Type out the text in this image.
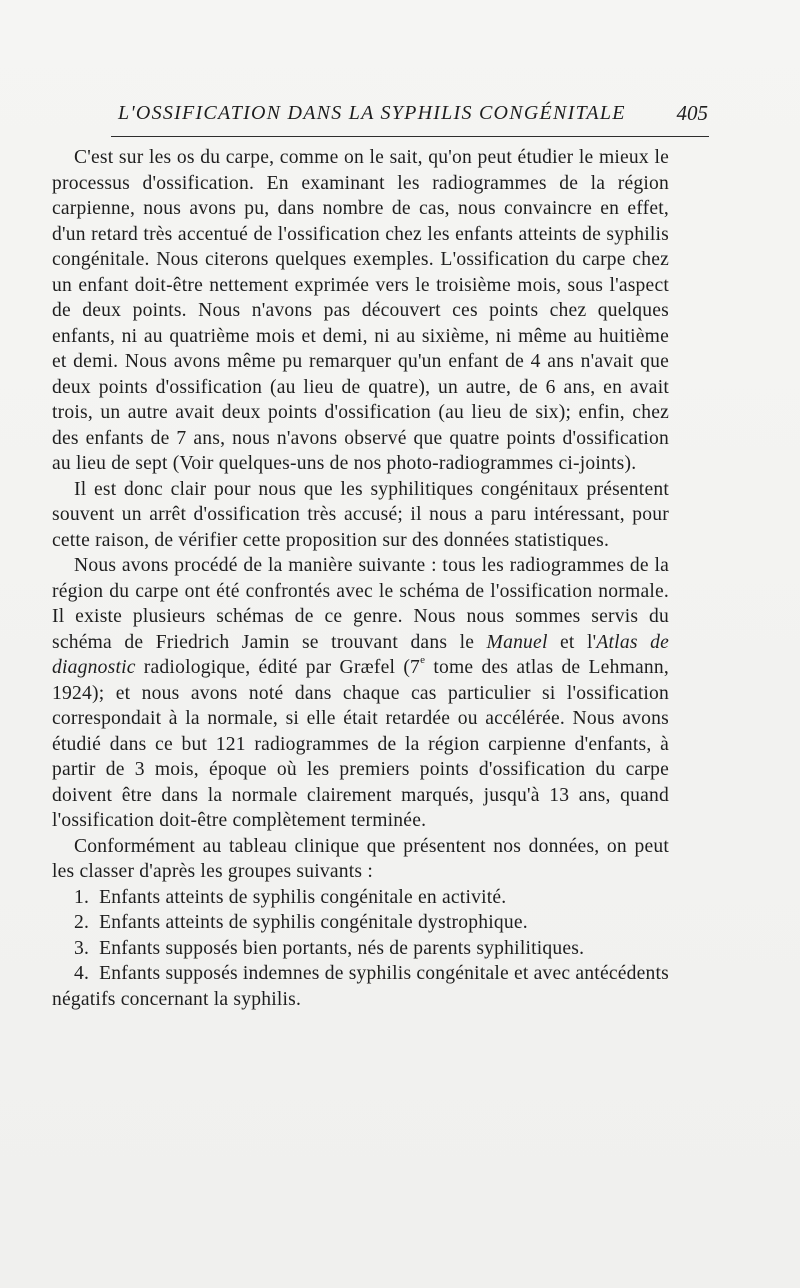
L'OSSIFICATION DANS LA SYPHILIS CONGÉNITALE 405

C'est sur les os du carpe, comme on le sait, qu'on peut étudier le mieux le processus d'ossification. En examinant les radiogrammes de la région carpienne, nous avons pu, dans nombre de cas, nous convaincre en effet, d'un retard très accentué de l'ossification chez les enfants atteints de syphilis congénitale. Nous citerons quelques exemples. L'ossification du carpe chez un enfant doit-être nettement exprimée vers le troisième mois, sous l'aspect de deux points. Nous n'avons pas découvert ces points chez quelques enfants, ni au quatrième mois et demi, ni au sixième, ni même au huitième et demi. Nous avons même pu remarquer qu'un enfant de 4 ans n'avait que deux points d'ossification (au lieu de quatre), un autre, de 6 ans, en avait trois, un autre avait deux points d'ossification (au lieu de six); enfin, chez des enfants de 7 ans, nous n'avons observé que quatre points d'ossification au lieu de sept (Voir quelques-uns de nos photo-radiogrammes ci-joints).

Il est donc clair pour nous que les syphilitiques congénitaux présentent souvent un arrêt d'ossification très accusé; il nous a paru intéressant, pour cette raison, de vérifier cette proposition sur des données statistiques.

Nous avons procédé de la manière suivante : tous les radiogrammes de la région du carpe ont été confrontés avec le schéma de l'ossification normale. Il existe plusieurs schémas de ce genre. Nous nous sommes servis du schéma de Friedrich Jamin se trouvant dans le Manuel et l'Atlas de diagnostic radiologique, édité par Græfel (7e tome des atlas de Lehmann, 1924); et nous avons noté dans chaque cas particulier si l'ossification correspondait à la normale, si elle était retardée ou accélérée. Nous avons étudié dans ce but 121 radiogrammes de la région carpienne d'enfants, à partir de 3 mois, époque où les premiers points d'ossification du carpe doivent être dans la normale clairement marqués, jusqu'à 13 ans, quand l'ossification doit-être complètement terminée.

Conformément au tableau clinique que présentent nos données, on peut les classer d'après les groupes suivants :

1. Enfants atteints de syphilis congénitale en activité.
2. Enfants atteints de syphilis congénitale dystrophique.
3. Enfants supposés bien portants, nés de parents syphilitiques.
4. Enfants supposés indemnes de syphilis congénitale et avec antécédents négatifs concernant la syphilis.
